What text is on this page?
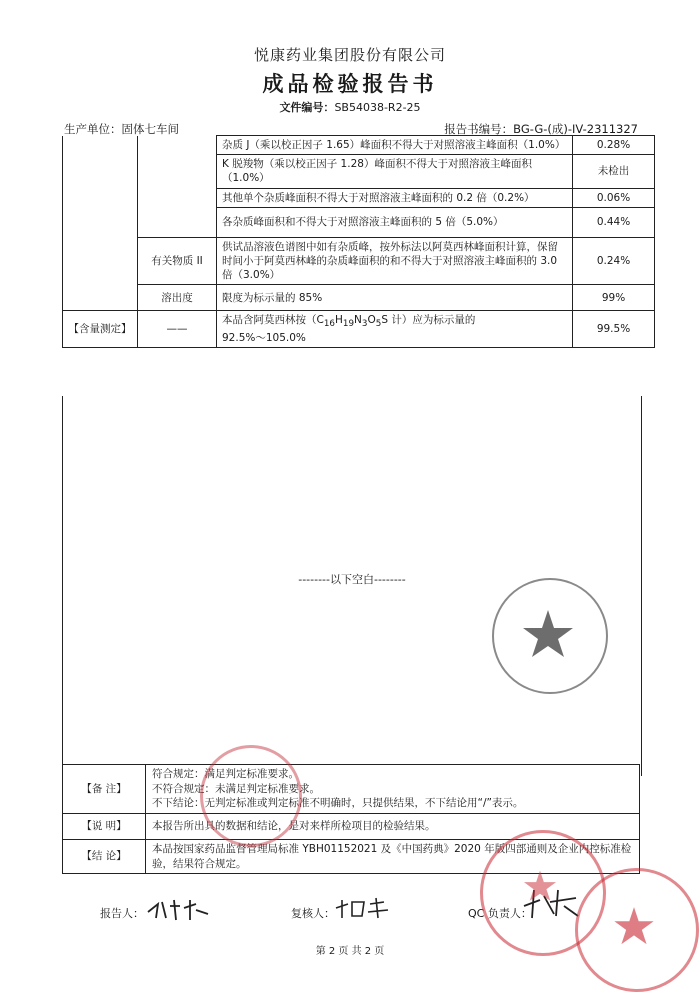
悦康药业集团股份有限公司
成品检验报告书
文件编号：SB54038-R2-25
生产单位：固体七车间	报告书编号：BG-G-(成)-IV-2311327
		杂质 J（乘以校正因子 1.65）峰面积不得大于对照溶液主峰面积（1.0%）	0.28%
		K 脱羧物（乘以校正因子 1.28）峰面积不得大于对照溶液主峰面积（1.0%）	未检出
		其他单个杂质峰面积不得大于对照溶液主峰面积的 0.2 倍（0.2%）	0.06%
		各杂质峰面积和不得大于对照溶液主峰面积的 5 倍（5.0%）	0.44%
	有关物质 II	供试品溶液色谱图中如有杂质峰，按外标法以阿莫西林峰面积计算，保留时间小于阿莫西林峰的杂质峰面积的和不得大于对照溶液主峰面积的 3.0 倍（3.0%）	0.24%
	溶出度	限度为标示量的 85%	99%
【含量测定】	——	本品含阿莫西林按（$C_{16}H_{19}N_3O_5S$ 计）应为标示量的
92.5%～105.0%	99.5%
--------以下空白--------
【备 注】	符合规定：满足判定标准要求。
不符合规定：未满足判定标准要求。
不下结论：无判定标准或判定标准不明确时，只提供结果，不下结论用“/”表示。

【说 明】	本报告所出具的数据和结论，是对来样所检项目的检验结果。
【结 论】	本品按国家药品监督管理局标准 YBH01152021 及《中国药典》2020 年版四部通则及企业内控标准检验，结果符合规定。
报告人：	复核人：	QC 负责人：
第 2 页 共 2 页
